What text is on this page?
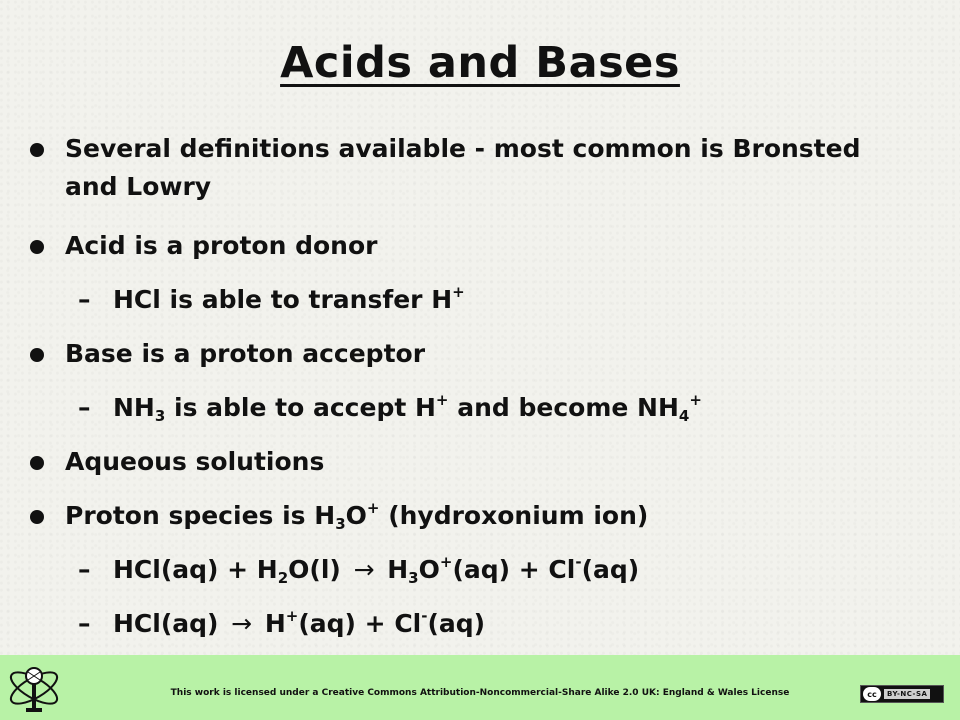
Acids and Bases
Several definitions available - most common is Bronsted and Lowry
Acid is a proton donor
– HCl is able to transfer H+
Base is a proton acceptor
– $NH_3$ is able to accept H+ and become $NH_4^+$
Aqueous solutions
Proton species is $H_3O^+$ (hydroxonium ion)
– $HCl(aq) + H_2O(l) \to H_3O^+(aq) + Cl^-(aq)$
– HCl(aq) → H+(aq) + Cl-(aq)
This work is licensed under a Creative Commons Attribution-Noncommercial-Share Alike 2.0 UK: England & Wales License	cc	BY-NC-SA
